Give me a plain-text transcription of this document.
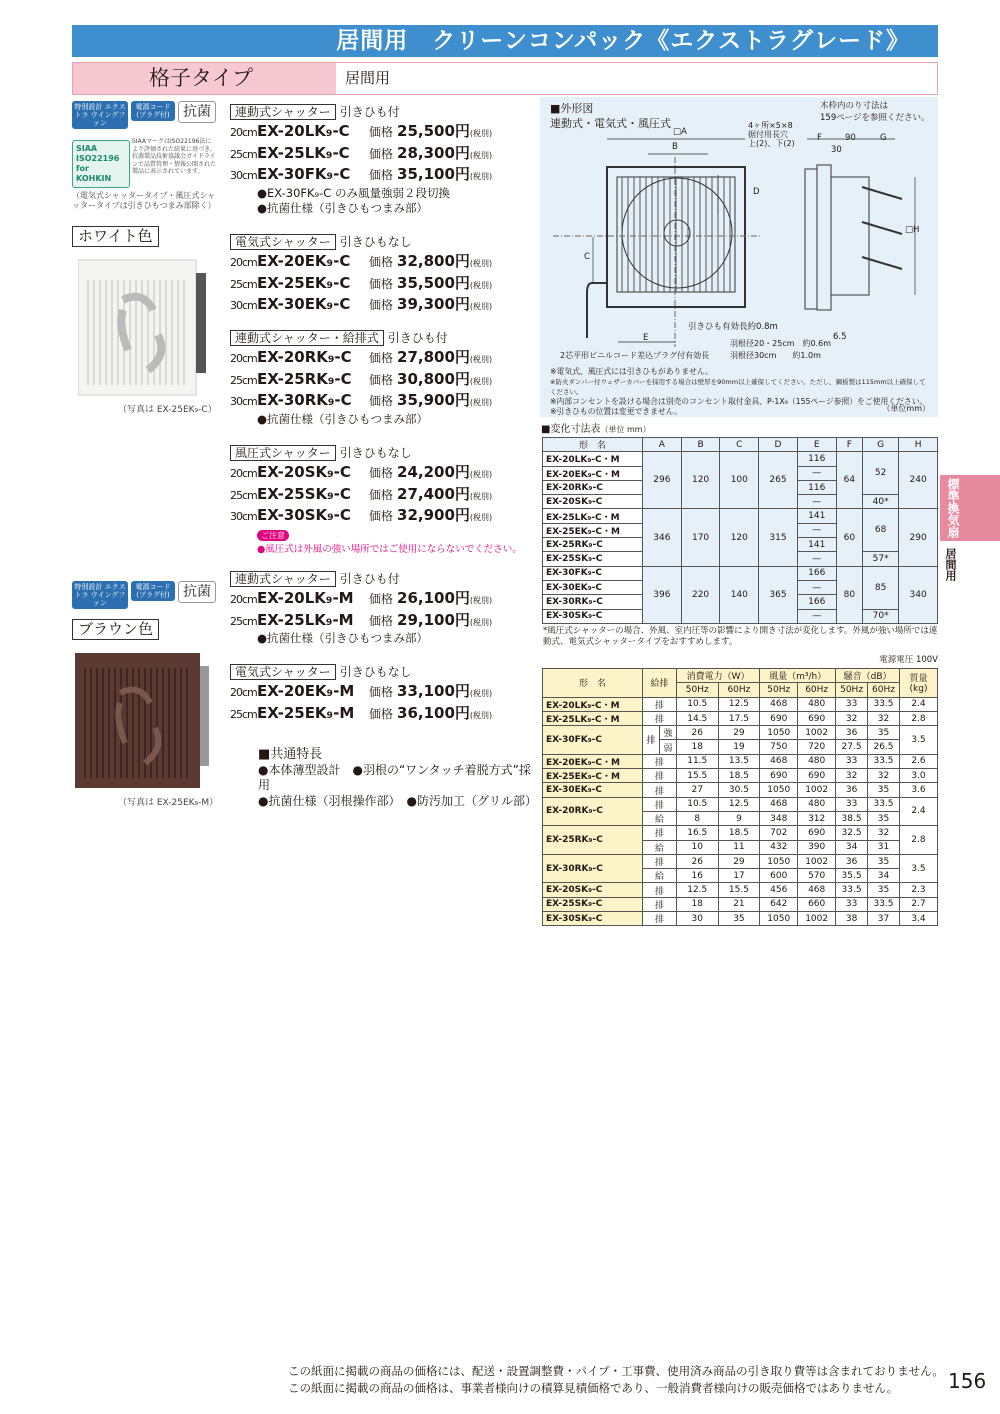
居間用　クリーンコンパック《エクストラグレード》
格子タイプ	居間用
特別設計 エクストラ ウイングファン
電源コード (プラグ付) 抗菌
SIAA ISO22196 for KOHKIN
SIAAマークはISO22196法により評価された結果に基づき、抗菌製品技術協議会ガイドラインで品質管理・情報公開された製品に表示されています。
（電気式シャッタータイプ・風圧式シャッタータイプは引きひもつまみ部除く）
ホワイト色
（写真は EX-25EK₉-C）
特別設計 エクストラ ウイングファン
電源コード (プラグ付) 抗菌
ブラウン色
（写真は EX-25EK₉-M）
連動式シャッター 引きひも付
20cmEX-20LK₉-C 価格 25,500円(税別)
25cmEX-25LK₉-C 価格 28,300円(税別)
30cmEX-30FK₉-C 価格 35,100円(税別)
●EX-30FK₉-C のみ風量強弱２段切換
●抗菌仕様（引きひもつまみ部）
電気式シャッター 引きひもなし
20cmEX-20EK₉-C 価格 32,800円(税別)
25cmEX-25EK₉-C 価格 35,500円(税別)
30cmEX-30EK₉-C 価格 39,300円(税別)
連動式シャッター・給排式 引きひも付
20cmEX-20RK₉-C 価格 27,800円(税別)
25cmEX-25RK₉-C 価格 30,800円(税別)
30cmEX-30RK₉-C 価格 35,900円(税別)
●抗菌仕様（引きひもつまみ部）
風圧式シャッター 引きひもなし
20cmEX-20SK₉-C 価格 24,200円(税別)
25cmEX-25SK₉-C 価格 27,400円(税別)
30cmEX-30SK₉-C 価格 32,900円(税別)
ご注意
●風圧式は外風の強い場所ではご使用にならないでください。
連動式シャッター 引きひも付
20cmEX-20LK₉-M 価格 26,100円(税別)
25cmEX-25LK₉-M 価格 29,100円(税別)
●抗菌仕様（引きひもつまみ部）
電気式シャッター 引きひもなし
20cmEX-20EK₉-M 価格 33,100円(税別)
25cmEX-25EK₉-M 価格 36,100円(税別)
■共通特長
●本体薄型設計　●羽根の“ワンタッチ着脱方式”採用
●抗菌仕様（羽根操作部）　●防汚加工（グリル部）
■外形図
連動式・電気式・風圧式
木枠内のり寸法は
159ページを参照ください。
□A
B
C
D
E
F	90
30
G
□H
6.5
4ヶ所×5×8
据付用長穴
上(2)、下(2)
引きひも有効長約0.8m
2芯平形ビニルコード差込プラグ付有効長
羽根径20・25cm　約0.6m
羽根径30cm　　約1.0m
※電気式、風圧式には引きひもがありません。
※防火ダンパー付ウェザーカバーを採用する場合は壁厚を90mm以上確保してください。ただし、鋼板製は115mm以上確保してください。
※内部コンセントを設ける場合は別売のコンセント取付金具、P-1X₉（155ページ参照）をご使用ください。
※引きひもの位置は変更できません。	（単位mm）
■変化寸法表（単位 mm）
形　名	A	B	C	D	E	F	G	H
EX-20LK₉-C・M	296	120	100	265	116	64	52	240
EX-20EK₉-C・M					—			
EX-20RK₉-C					116			
EX-20SK₉-C					—		40*	
EX-25LK₉-C・M	346	170	120	315	141	60	68	290
EX-25EK₉-C・M					—			
EX-25RK₉-C					141			
EX-25SK₉-C					—		57*	
EX-30FK₉-C	396	220	140	365	166	80	85	340
EX-30EK₉-C					—			
EX-30RK₉-C					166			
EX-30SK₉-C					—		70*	
*風圧式シャッターの場合、外風、室内圧等の影響により開き寸法が変化します。外風が強い場所では連動式、電気式シャッタータイプをおすすめします。
電源電圧 100V
形　名	給排		消費電力（W）		風量（m³/h）		騒音（dB）		質量 (kg)
			50Hz	60Hz	50Hz	60Hz	50Hz	60Hz	
EX-20LK₉-C・M	排		10.5	12.5	468	480	33	33.5	2.4
EX-25LK₉-C・M	排		14.5	17.5	690	690	32	32	2.8
EX-30FK₉-C	排	強	26	29	1050	1002	36	35	3.5
		弱	18	19	750	720	27.5	26.5	
EX-20EK₉-C・M	排		11.5	13.5	468	480	33	33.5	2.6
EX-25EK₉-C・M	排		15.5	18.5	690	690	32	32	3.0
EX-30EK₉-C	排		27	30.5	1050	1002	36	35	3.6
EX-20RK₉-C	排		10.5	12.5	468	480	33	33.5	2.4
	給		8	9	348	312	38.5	35	
EX-25RK₉-C	排		16.5	18.5	702	690	32.5	32	2.8
	給		10	11	432	390	34	31	
EX-30RK₉-C	排		26	29	1050	1002	36	35	3.5
	給		16	17	600	570	35.5	34	
EX-20SK₉-C	排		12.5	15.5	456	468	33.5	35	2.3
EX-25SK₉-C	排		18	21	642	660	33	33.5	2.7
EX-30SK₉-C	排		30	35	1050	1002	38	37	3.4
標準換気扇
居間用
この紙面に掲載の商品の価格には、配送・設置調整費・パイプ・工事費、使用済み商品の引き取り費等は含まれておりません。
この紙面に掲載の商品の価格は、事業者様向けの積算見積価格であり、一般消費者様向けの販売価格ではありません。 156
